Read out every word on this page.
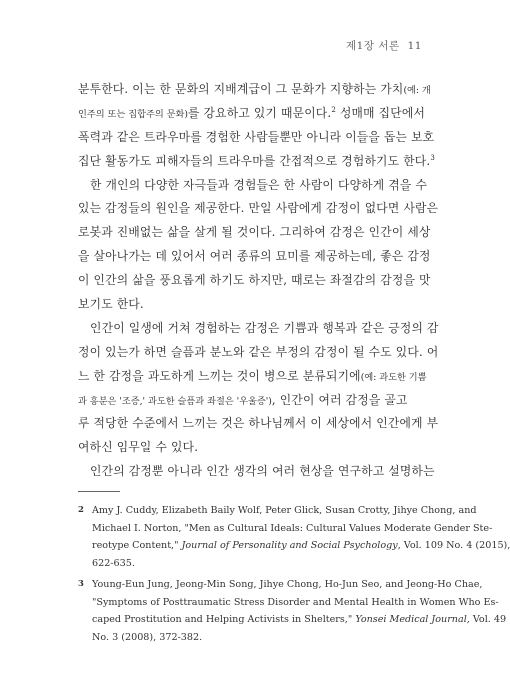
제1장 서론 11
분투한다. 이는 한 문화의 지배계급이 그 문화가 지향하는 가치(예: 개
인주의 또는 집합주의 문화)를 강요하고 있기 때문이다.$^2$ 성매매 집단에서
폭력과 같은 트라우마를 경험한 사람들뿐만 아니라 이들을 돕는 보호
집단 활동가도 피해자들의 트라우마를 간접적으로 경험하기도 한다.$^3$
한 개인의 다양한 자극들과 경험들은 한 사람이 다양하게 겪을 수
있는 감정들의 원인을 제공한다. 만일 사람에게 감정이 없다면 사람은
로봇과 진배없는 삶을 살게 될 것이다. 그리하여 감정은 인간이 세상
을 살아나가는 데 있어서 여러 종류의 묘미를 제공하는데, 좋은 감정
이 인간의 삶을 풍요롭게 하기도 하지만, 때로는 좌절감의 감정을 맛
보기도 한다.
인간이 일생에 거쳐 경험하는 감정은 기쁨과 행복과 같은 긍정의 감
정이 있는가 하면 슬픔과 분노와 같은 부정의 감정이 될 수도 있다. 어
느 한 감정을 과도하게 느끼는 것이 병으로 분류되기에(예: 과도한 기쁨
과 흥분은 '조증,' 과도한 슬픔과 좌절은 '우울증'), 인간이 여러 감정을 골고
루 적당한 수준에서 느끼는 것은 하나님께서 이 세상에서 인간에게 부
여하신 임무일 수 있다.
인간의 감정뿐 아니라 인간 생각의 여러 현상을 연구하고 설명하는
2 Amy J. Cuddy, Elizabeth Baily Wolf, Peter Glick, Susan Crotty, Jihye Chong, and
Michael I. Norton, "Men as Cultural Ideals: Cultural Values Moderate Gender Ste-
reotype Content," Journal of Personality and Social Psychology, Vol. 109 No. 4 (2015),
622-635.
3 Young-Eun Jung, Jeong-Min Song, Jihye Chong, Ho-Jun Seo, and Jeong-Ho Chae,
"Symptoms of Posttraumatic Stress Disorder and Mental Health in Women Who Es-
caped Prostitution and Helping Activists in Shelters," Yonsei Medical Journal, Vol. 49
No. 3 (2008), 372-382.
